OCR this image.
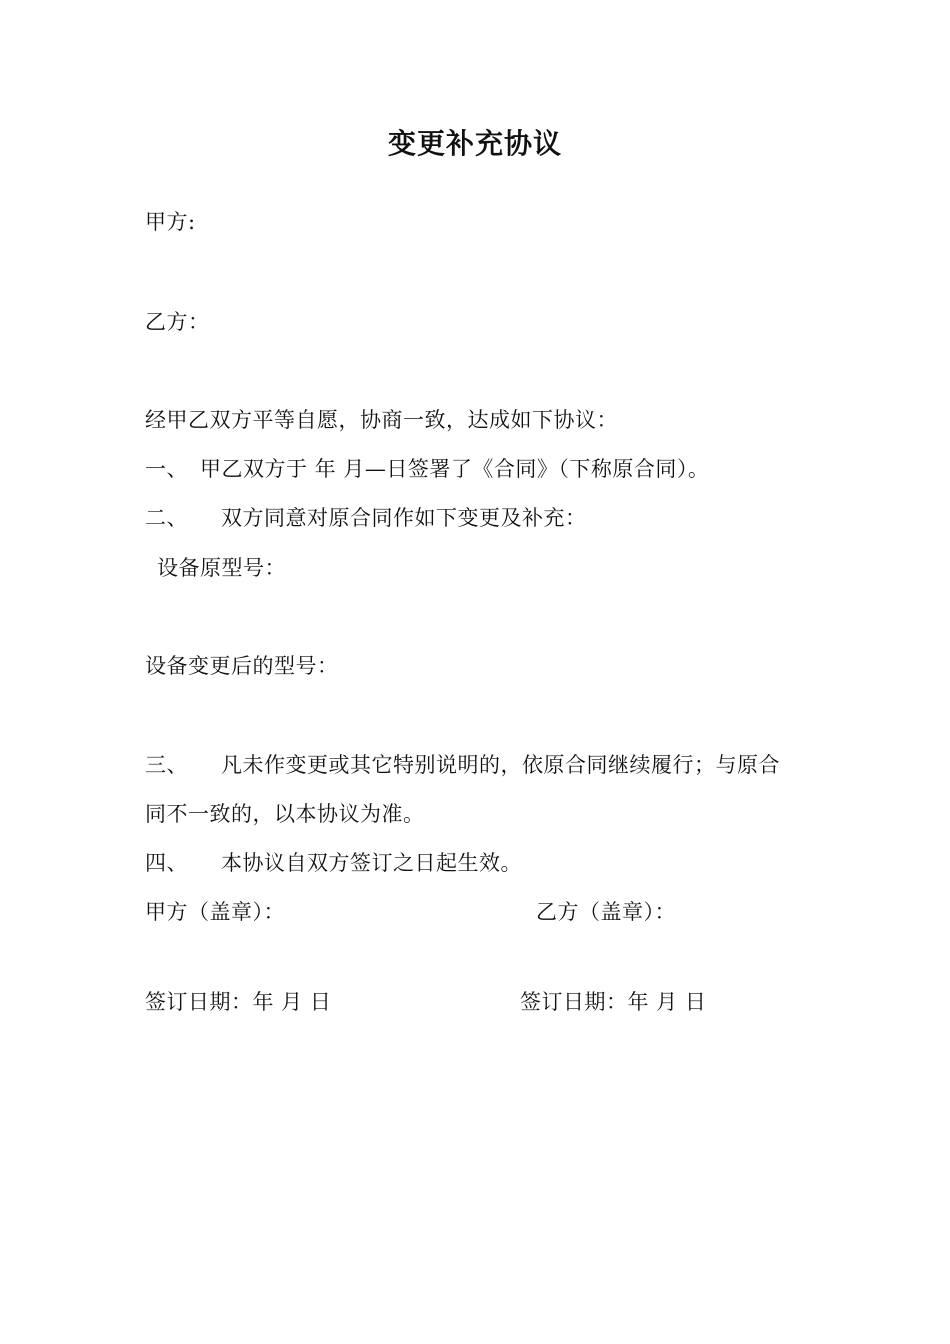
变更补充协议
甲方:
乙方：
经甲乙双方平等自愿，协商一致，达成如下协议：
一、 甲乙双方于 年 月—日签署了《合同》（下称原合同）。
二、 双方同意对原合同作如下变更及补充：
设备原型号：
设备变更后的型号：
三、 凡未作变更或其它特别说明的，依原合同继续履行；与原合
同不一致的，以本协议为准。
四、 本协议自双方签订之日起生效。
甲方（盖章）：	乙方（盖章）：
签订日期：年 月 日	签订日期：年 月 日
